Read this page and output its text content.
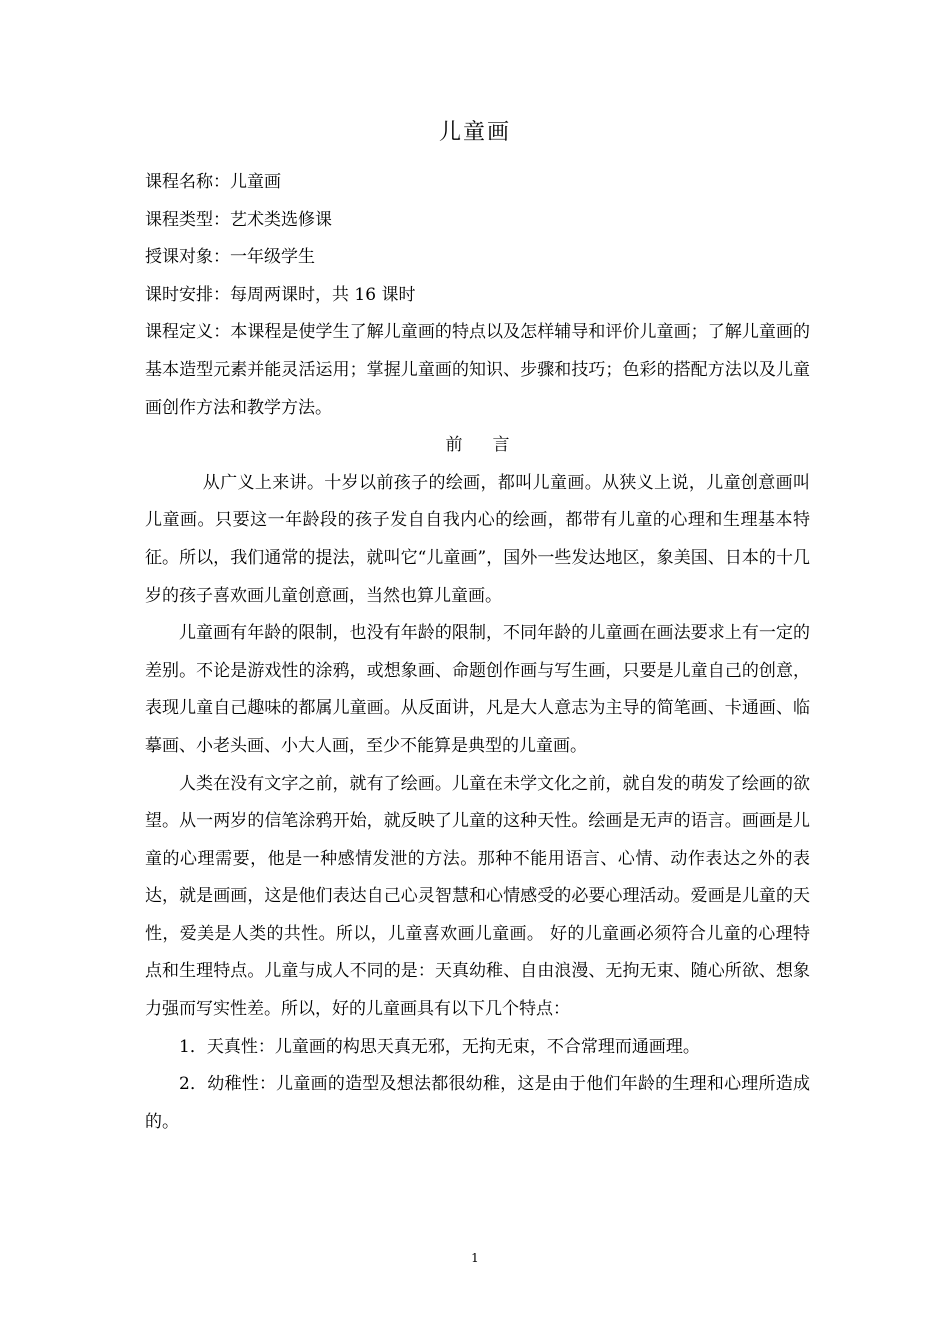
儿童画

课程名称：儿童画

课程类型：艺术类选修课

授课对象：一年级学生

课时安排：每周两课时，共 16 课时

课程定义：本课程是使学生了解儿童画的特点以及怎样辅导和评价儿童画；了解儿童画的基本造型元素并能灵活运用；掌握儿童画的知识、步骤和技巧；色彩的搭配方法以及儿童画创作方法和教学方法。

前 言

从广义上来讲。十岁以前孩子的绘画，都叫儿童画。从狭义上说，儿童创意画叫儿童画。只要这一年龄段的孩子发自自我内心的绘画，都带有儿童的心理和生理基本特征。所以，我们通常的提法，就叫它“儿童画”，国外一些发达地区，象美国、日本的十几岁的孩子喜欢画儿童创意画，当然也算儿童画。

儿童画有年龄的限制，也没有年龄的限制，不同年龄的儿童画在画法要求上有一定的差别。不论是游戏性的涂鸦，或想象画、命题创作画与写生画，只要是儿童自己的创意，表现儿童自己趣味的都属儿童画。从反面讲，凡是大人意志为主导的简笔画、卡通画、临摹画、小老头画、小大人画，至少不能算是典型的儿童画。

人类在没有文字之前，就有了绘画。儿童在未学文化之前，就自发的萌发了绘画的欲望。从一两岁的信笔涂鸦开始，就反映了儿童的这种天性。绘画是无声的语言。画画是儿童的心理需要，他是一种感情发泄的方法。那种不能用语言、心情、动作表达之外的表达，就是画画，这是他们表达自己心灵智慧和心情感受的必要心理活动。爱画是儿童的天性，爱美是人类的共性。所以，儿童喜欢画儿童画。 好的儿童画必须符合儿童的心理特点和生理特点。儿童与成人不同的是：天真幼稚、自由浪漫、无拘无束、随心所欲、想象力强而写实性差。所以，好的儿童画具有以下几个特点：

1．天真性：儿童画的构思天真无邪，无拘无束，不合常理而通画理。

2．幼稚性：儿童画的造型及想法都很幼稚，这是由于他们年龄的生理和心理所造成的。

1
